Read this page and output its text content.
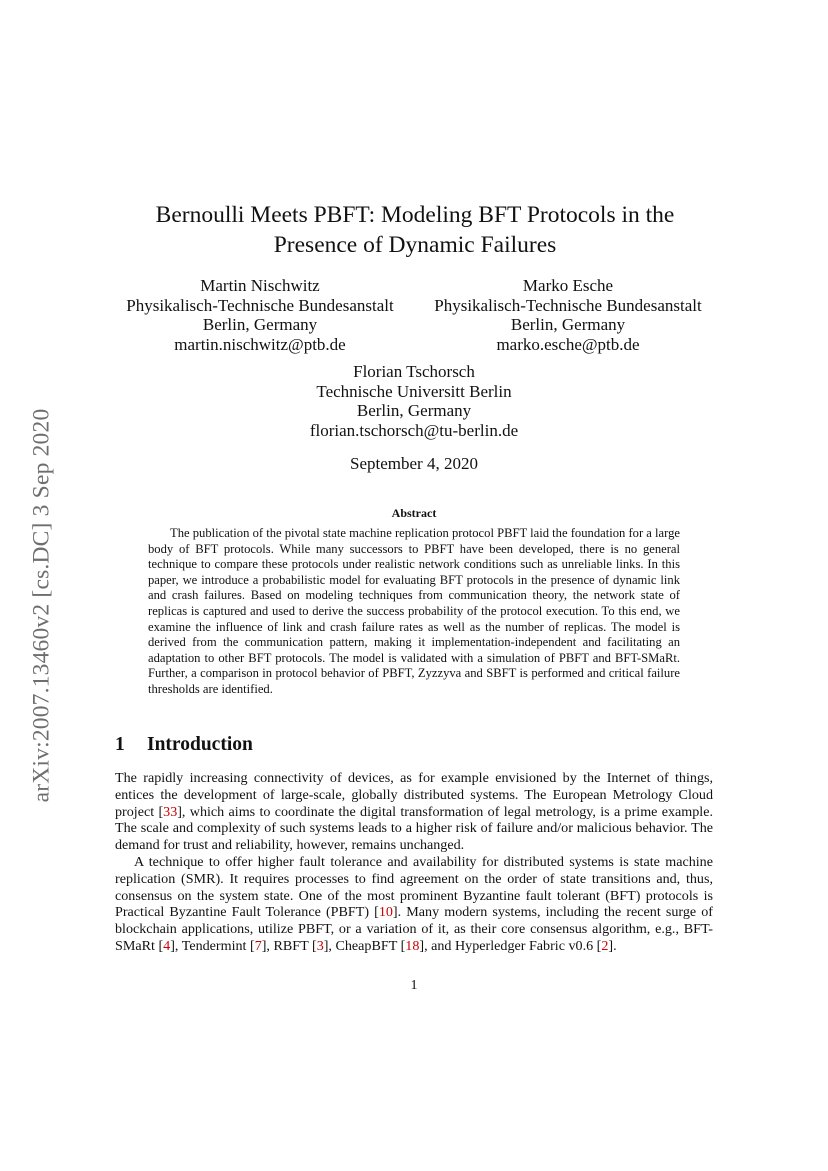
arXiv:2007.13460v2 [cs.DC] 3 Sep 2020
Bernoulli Meets PBFT: Modeling BFT Protocols in the
Presence of Dynamic Failures
Martin Nischwitz
Physikalisch-Technische Bundesanstalt
Berlin, Germany
martin.nischwitz@ptb.de
Marko Esche
Physikalisch-Technische Bundesanstalt
Berlin, Germany
marko.esche@ptb.de
Florian Tschorsch
Technische Universitt Berlin
Berlin, Germany
florian.tschorsch@tu-berlin.de
September 4, 2020
Abstract

The publication of the pivotal state machine replication protocol PBFT laid the foundation for a large body of BFT protocols. While many successors to PBFT have been developed, there is no general technique to compare these protocols under realistic network conditions such as unreliable links. In this paper, we introduce a probabilistic model for evaluating BFT protocols in the presence of dynamic link and crash failures. Based on modeling techniques from communication theory, the network state of replicas is captured and used to derive the success probability of the protocol execution. To this end, we examine the influence of link and crash failure rates as well as the number of replicas. The model is derived from the communication pattern, making it implementation-independent and facilitating an adaptation to other BFT protocols. The model is validated with a simulation of PBFT and BFT-SMaRt. Further, a comparison in protocol behavior of PBFT, Zyzzyva and SBFT is performed and critical failure thresholds are identified.

1 Introduction

The rapidly increasing connectivity of devices, as for example envisioned by the Internet of things, entices the development of large-scale, globally distributed systems. The European Metrology Cloud project [33], which aims to coordinate the digital transformation of legal metrology, is a prime example. The scale and complexity of such systems leads to a higher risk of failure and/or malicious behavior. The demand for trust and reliability, however, remains unchanged.

A technique to offer higher fault tolerance and availability for distributed systems is state machine replication (SMR). It requires processes to find agreement on the order of state transitions and, thus, consensus on the system state. One of the most prominent Byzantine fault tolerant (BFT) protocols is Practical Byzantine Fault Tolerance (PBFT) [10]. Many modern systems, including the recent surge of blockchain applications, utilize PBFT, or a variation of it, as their core consensus algorithm, e.g., BFT-SMaRt [4], Tendermint [7], RBFT [3], CheapBFT [18], and Hyperledger Fabric v0.6 [2].

1
